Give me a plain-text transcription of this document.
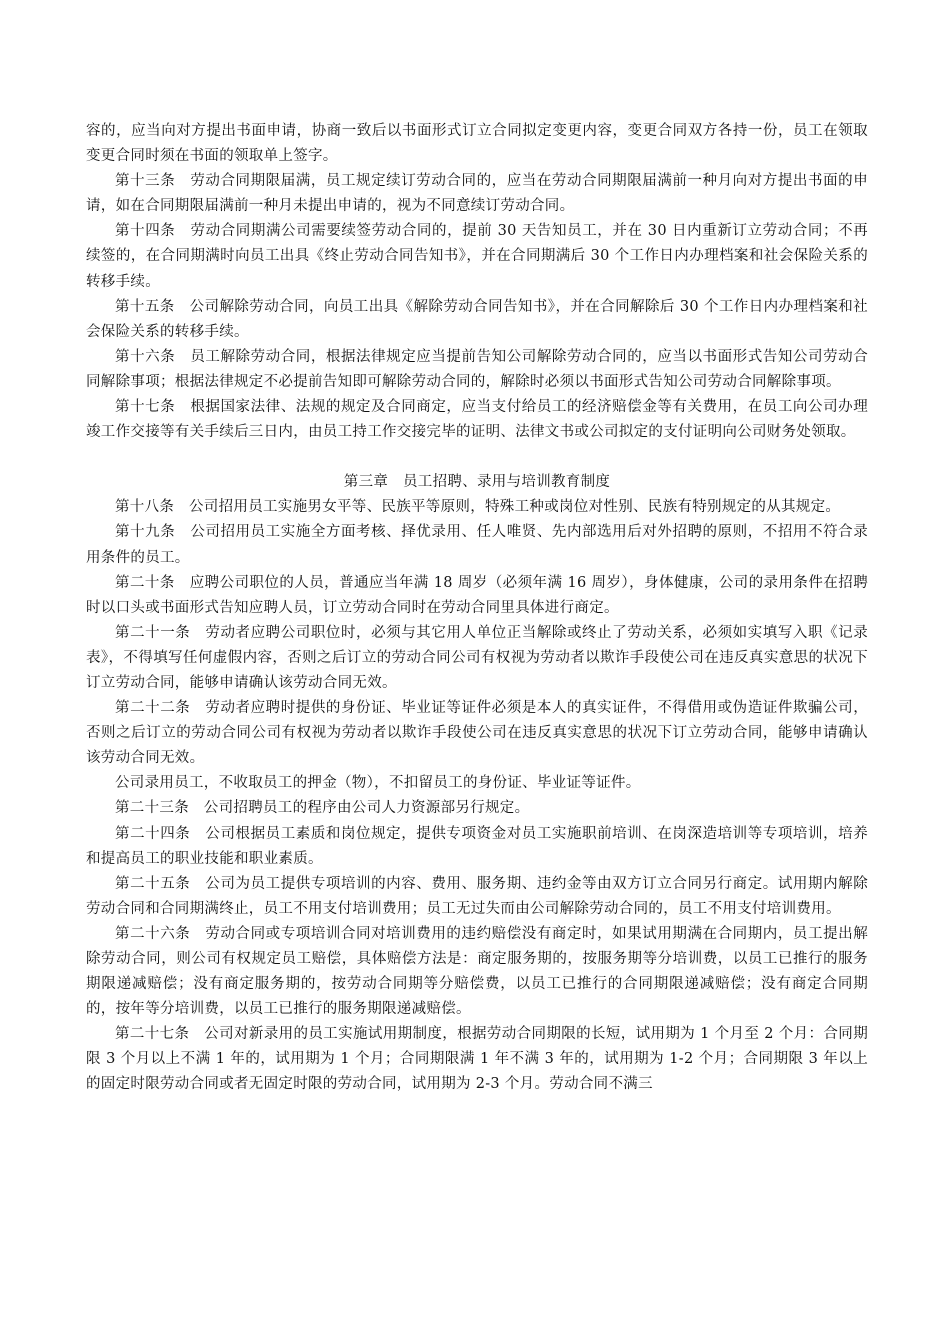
容的，应当向对方提出书面申请，协商一致后以书面形式订立合同拟定变更内容，变更合同双方各持一份，员工在领取变更合同时须在书面的领取单上签字。

第十三条　劳动合同期限届满，员工规定续订劳动合同的，应当在劳动合同期限届满前一种月向对方提出书面的申请，如在合同期限届满前一种月未提出申请的，视为不同意续订劳动合同。

第十四条　劳动合同期满公司需要续签劳动合同的，提前 30 天告知员工，并在 30 日内重新订立劳动合同；不再续签的，在合同期满时向员工出具《终止劳动合同告知书》，并在合同期满后 30 个工作日内办理档案和社会保险关系的转移手续。

第十五条　公司解除劳动合同，向员工出具《解除劳动合同告知书》，并在合同解除后 30 个工作日内办理档案和社会保险关系的转移手续。

第十六条　员工解除劳动合同，根据法律规定应当提前告知公司解除劳动合同的，应当以书面形式告知公司劳动合同解除事项；根据法律规定不必提前告知即可解除劳动合同的，解除时必须以书面形式告知公司劳动合同解除事项。

第十七条　根据国家法律、法规的规定及合同商定，应当支付给员工的经济赔偿金等有关费用，在员工向公司办理竣工作交接等有关手续后三日内，由员工持工作交接完毕的证明、法律文书或公司拟定的支付证明向公司财务处领取。

第三章　员工招聘、录用与培训教育制度

第十八条　公司招用员工实施男女平等、民族平等原则，特殊工种或岗位对性别、民族有特别规定的从其规定。

第十九条　公司招用员工实施全方面考核、择优录用、任人唯贤、先内部选用后对外招聘的原则，不招用不符合录用条件的员工。

第二十条　应聘公司职位的人员，普通应当年满 18 周岁（必须年满 16 周岁），身体健康，公司的录用条件在招聘时以口头或书面形式告知应聘人员，订立劳动合同时在劳动合同里具体进行商定。

第二十一条　劳动者应聘公司职位时，必须与其它用人单位正当解除或终止了劳动关系，必须如实填写入职《记录表》，不得填写任何虚假内容，否则之后订立的劳动合同公司有权视为劳动者以欺诈手段使公司在违反真实意思的状况下订立劳动合同，能够申请确认该劳动合同无效。

第二十二条　劳动者应聘时提供的身份证、毕业证等证件必须是本人的真实证件，不得借用或伪造证件欺骗公司，否则之后订立的劳动合同公司有权视为劳动者以欺诈手段使公司在违反真实意思的状况下订立劳动合同，能够申请确认该劳动合同无效。

公司录用员工，不收取员工的押金（物），不扣留员工的身份证、毕业证等证件。

第二十三条　公司招聘员工的程序由公司人力资源部另行规定。

第二十四条　公司根据员工素质和岗位规定，提供专项资金对员工实施职前培训、在岗深造培训等专项培训，培养和提高员工的职业技能和职业素质。

第二十五条　公司为员工提供专项培训的内容、费用、服务期、违约金等由双方订立合同另行商定。试用期内解除劳动合同和合同期满终止，员工不用支付培训费用；员工无过失而由公司解除劳动合同的，员工不用支付培训费用。

第二十六条　劳动合同或专项培训合同对培训费用的违约赔偿没有商定时，如果试用期满在合同期内，员工提出解除劳动合同，则公司有权规定员工赔偿，具体赔偿方法是：商定服务期的，按服务期等分培训费，以员工已推行的服务期限递减赔偿；没有商定服务期的，按劳动合同期等分赔偿费，以员工已推行的合同期限递减赔偿；没有商定合同期的，按年等分培训费，以员工已推行的服务期限递减赔偿。

第二十七条　公司对新录用的员工实施试用期制度，根据劳动合同期限的长短，试用期为 1 个月至 2 个月：合同期限 3 个月以上不满 1 年的，试用期为 1 个月；合同期限满 1 年不满 3 年的，试用期为 1-2 个月；合同期限 3 年以上的固定时限劳动合同或者无固定时限的劳动合同，试用期为 2-3 个月。劳动合同不满三
